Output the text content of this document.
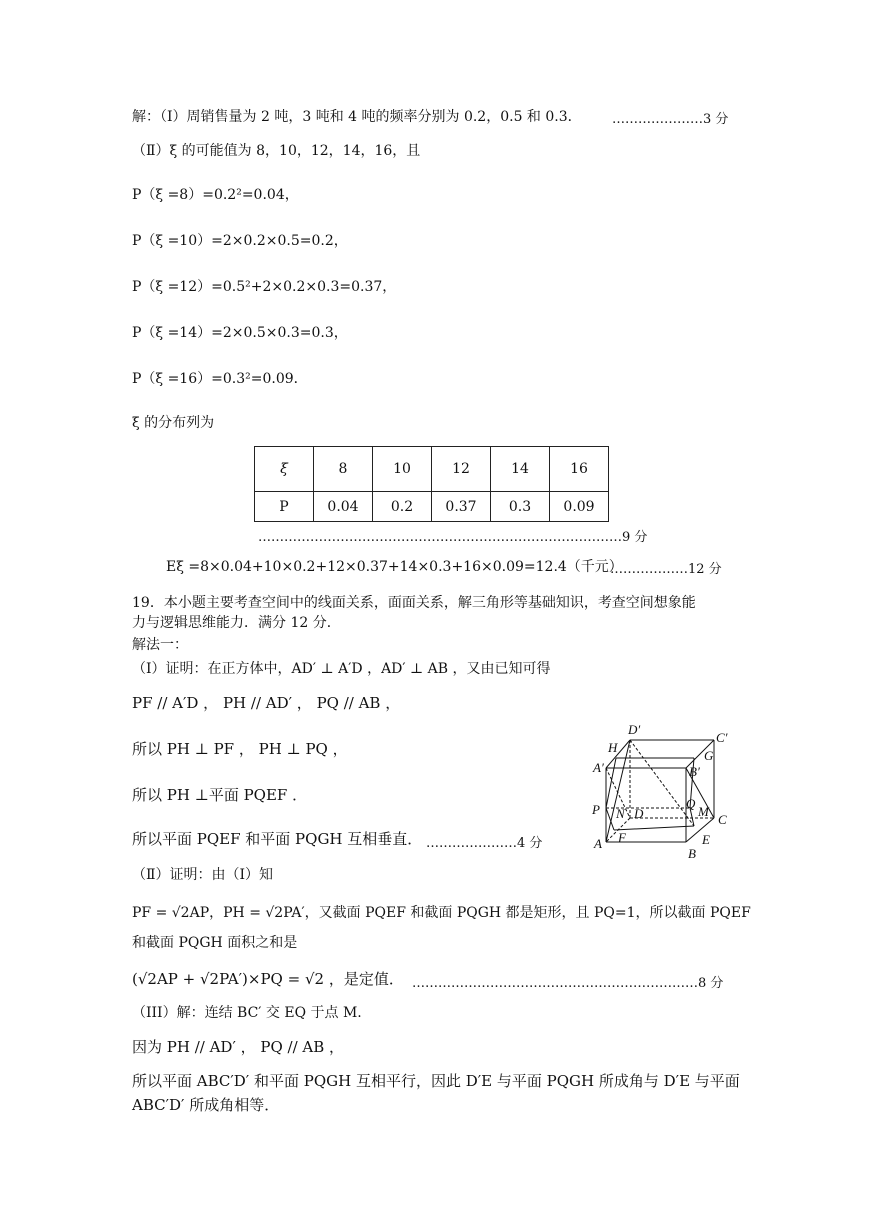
解：（Ⅰ）周销售量为 2 吨，3 吨和 4 吨的频率分别为 0.2，0.5 和 0.3． …………………3 分
（Ⅱ）ξ 的可能值为 8，10，12，14，16，且
P（ξ =8）=0.2²=0.04，
P（ξ =10）=2×0.2×0.5=0.2，
P（ξ =12）=0.5²+2×0.2×0.3=0.37，
P（ξ =14）=2×0.5×0.3=0.3，
P（ξ =16）=0.3²=0.09．
ξ 的分布列为
ξ	8	10	12	14	16
P	0.04	0.2	0.37	0.3	0.09
…………………………………………………………………………9 分
Eξ =8×0.04+10×0.2+12×0.37+14×0.3+16×0.09=12.4（千元）
………………12 分
19．本小题主要考查空间中的线面关系，面面关系，解三角形等基础知识，考查空间想象能
力与逻辑思维能力．满分 12 分．
解法一：
（Ⅰ）证明：在正方体中，AD′ ⊥ A′D ，AD′ ⊥ AB ，又由已知可得
PF // A′D ， PH // AD′ ， PQ // AB ，
所以 PH ⊥ PF ， PH ⊥ PQ ，
所以 PH ⊥平面 PQEF ．
所以平面 PQEF 和平面 PQGH 互相垂直． …………………4 分
（Ⅱ）证明：由（Ⅰ）知
PF = √2AP，PH = √2PA′，又截面 PQEF 和截面 PQGH 都是矩形，且 PQ=1，所以截面 PQEF
和截面 PQGH 面积之和是
(√2AP + √2PA′)×PQ = √2 ，是定值． …………………………………………………………8 分
（III）解：连结 BC′ 交 EQ 于点 M.
因为 PH // AD′ ， PQ // AB ，
所以平面 ABC′D′ 和平面 PQGH 互相平行，因此 D′E 与平面 PQGH 所成角与 D′E 与平面
ABC′D′ 所成角相等．
D′
C′
H
G
A′	B′
P N D
Q
M
C
A F	E
B
